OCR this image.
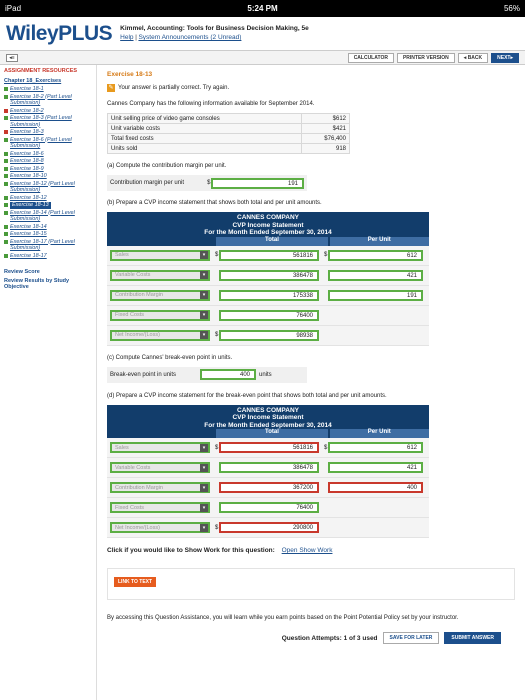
iPad	5:24 PM	56%
WileyPLUS Kimmel, Accounting: Tools for Business Decision Making, 5e
Help | System Announcements (2 Unread)
◂≡	CALCULATOR	PRINTER VERSION	◂ BACK	NEXT▸
ASSIGNMENT RESOURCES
Chapter 18_Exercises
Exercise 18-1
Exercise 18-2 (Part Level Submission)
Exercise 18-2
Exercise 18-3 (Part Level Submission)
Exercise 18-3
Exercise 18-6 (Part Level Submission)
Exercise 18-6
Exercise 18-8
Exercise 18-9
Exercise 18-10
Exercise 18-12 (Part Level Submission)
Exercise 18-12
Exercise 18-13
Exercise 18-14 (Part Level Submission)
Exercise 18-14
Exercise 18-15
Exercise 18-17 (Part Level Submission)
Exercise 18-17
Review Score
Review Results by Study Objective
Exercise 18-13
✎ Your answer is partially correct. Try again.
Cannes Company has the following information available for September 2014.
Unit selling price of video game consoles	$612
Unit variable costs	$421
Total fixed costs	$76,400
Units sold	918
(a) Compute the contribution margin per unit.
Contribution margin per unit	$	191
(b) Prepare a CVP income statement that shows both total and per unit amounts.
CANNES COMPANY
CVP Income Statement
For the Month Ended September 30, 2014
Total	Per Unit
Sales	▾	$	561816	$	612
Variable Costs	▾	386478	421
Contribution Margin	▾	175338	191
Fixed Costs	▾	76400
Net Income/(Loss)	▾	$	98938
(c) Compute Cannes' break-even point in units.
Break-even point in units	400	units
(d) Prepare a CVP income statement for the break-even point that shows both total and per unit amounts.
CANNES COMPANY
CVP Income Statement
For the Month Ended September 30, 2014
Total	Per Unit
Sales	▾	$	561816	$	612
Variable Costs	▾	386478	421
Contribution Margin	▾	367200	400
Fixed Costs	▾	76400
Net Income/(Loss)	▾	$	290800
Click if you would like to Show Work for this question: Open Show Work
LINK TO TEXT
By accessing this Question Assistance, you will learn while you earn points based on the Point Potential Policy set by your instructor.
Question Attempts: 1 of 3 used	SAVE FOR LATER	SUBMIT ANSWER
